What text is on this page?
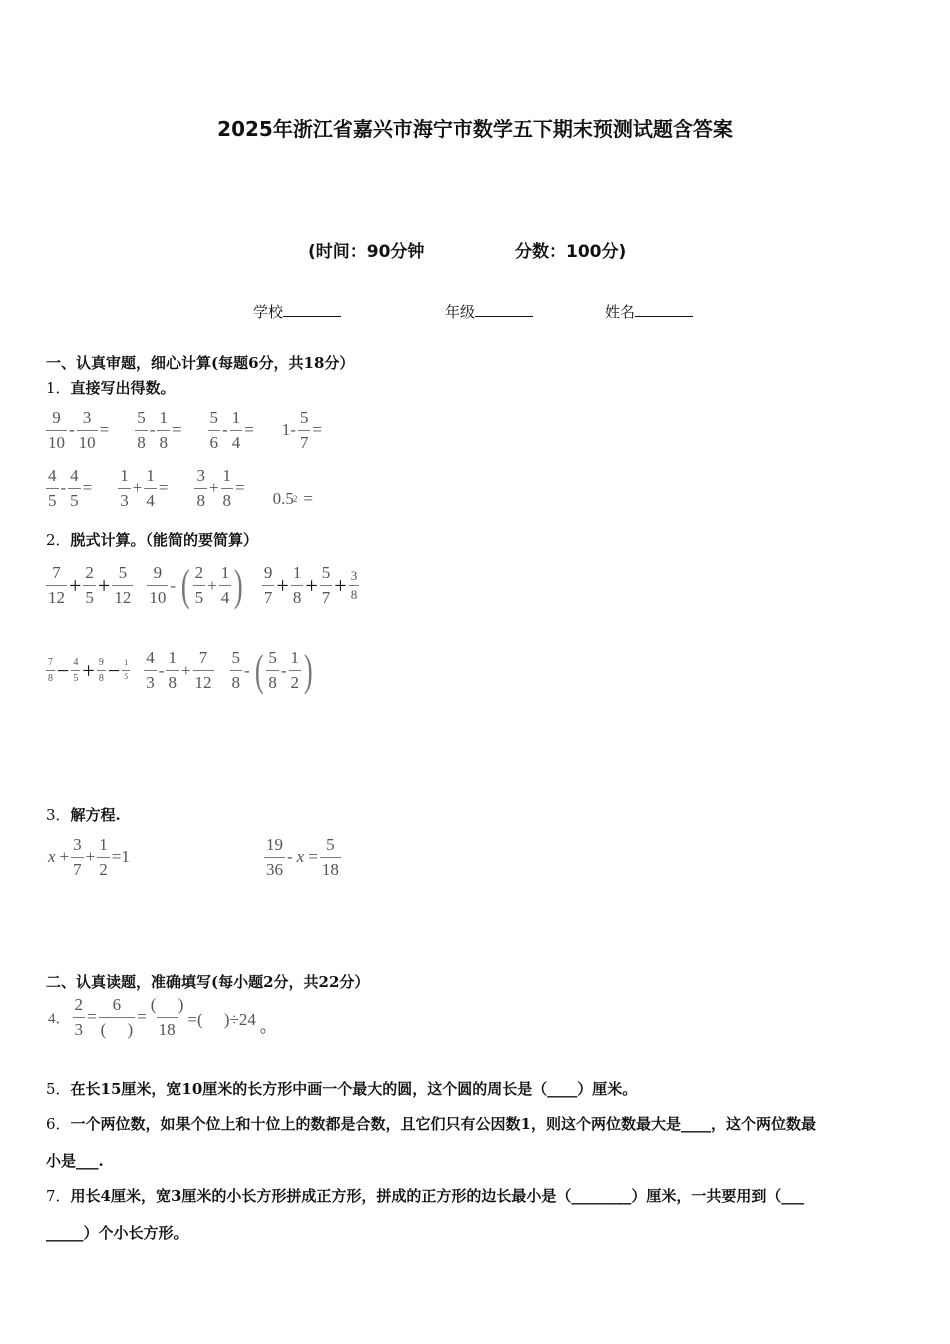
2025年浙江省嘉兴市海宁市数学五下期末预测试题含答案
(时间：90分钟	分数：100分)
学校	年级	姓名
一、认真审题，细心计算(每题6分，共18分）
1．直接写出得数。
$\frac{9}{10} - \frac{3}{10} = \frac{5}{8} - \frac{1}{8} = \frac{5}{6} - \frac{1}{4} = 1- \frac{5}{7}$ =
$\frac{4}{5} - \frac{4}{5} = \frac{1}{3} + \frac{1}{4} = \frac{3}{8} + \frac{1}{8}$ =
0.5 2 =
2．脱式计算。（能简的要简算）
$\frac{7}{12} + \frac{2}{5} + \frac{5}{12} \frac{9}{10}$ - ( $\frac{2}{5} + \frac{1}{4}$ ) $\frac{9}{7} + \frac{1}{8} + \frac{5}{7} + \frac{3}{8}$
$\frac{7}{8} - \frac{4}{5} + \frac{9}{8} - \frac{1}{5} \frac{4}{3} - \frac{1}{8} + \frac{7}{12} \frac{5}{8}$ - ( $\frac{5}{8} - \frac{1}{2}$ )
3．解方程.
$x + \frac{3}{7} + \frac{1}{2} =1$	$\frac{19}{36} - x = \frac{5}{18}$
二、认真读题，准确填写(每小题2分，共22分）
4． $\frac{2}{3} = \frac{6}{( )} = \frac{( )}{18}$ =(　 )÷24 。
5．在长15厘米，宽10厘米的长方形中画一个最大的圆，这个圆的周长是（____）厘米。
6．一个两位数，如果个位上和十位上的数都是合数，且它们只有公因数1，则这个两位数最大是____，这个两位数最
小是___.
7．用长4厘米，宽3厘米的小长方形拼成正方形，拼成的正方形的边长最小是（________）厘米，一共要用到（___
_____）个小长方形。
